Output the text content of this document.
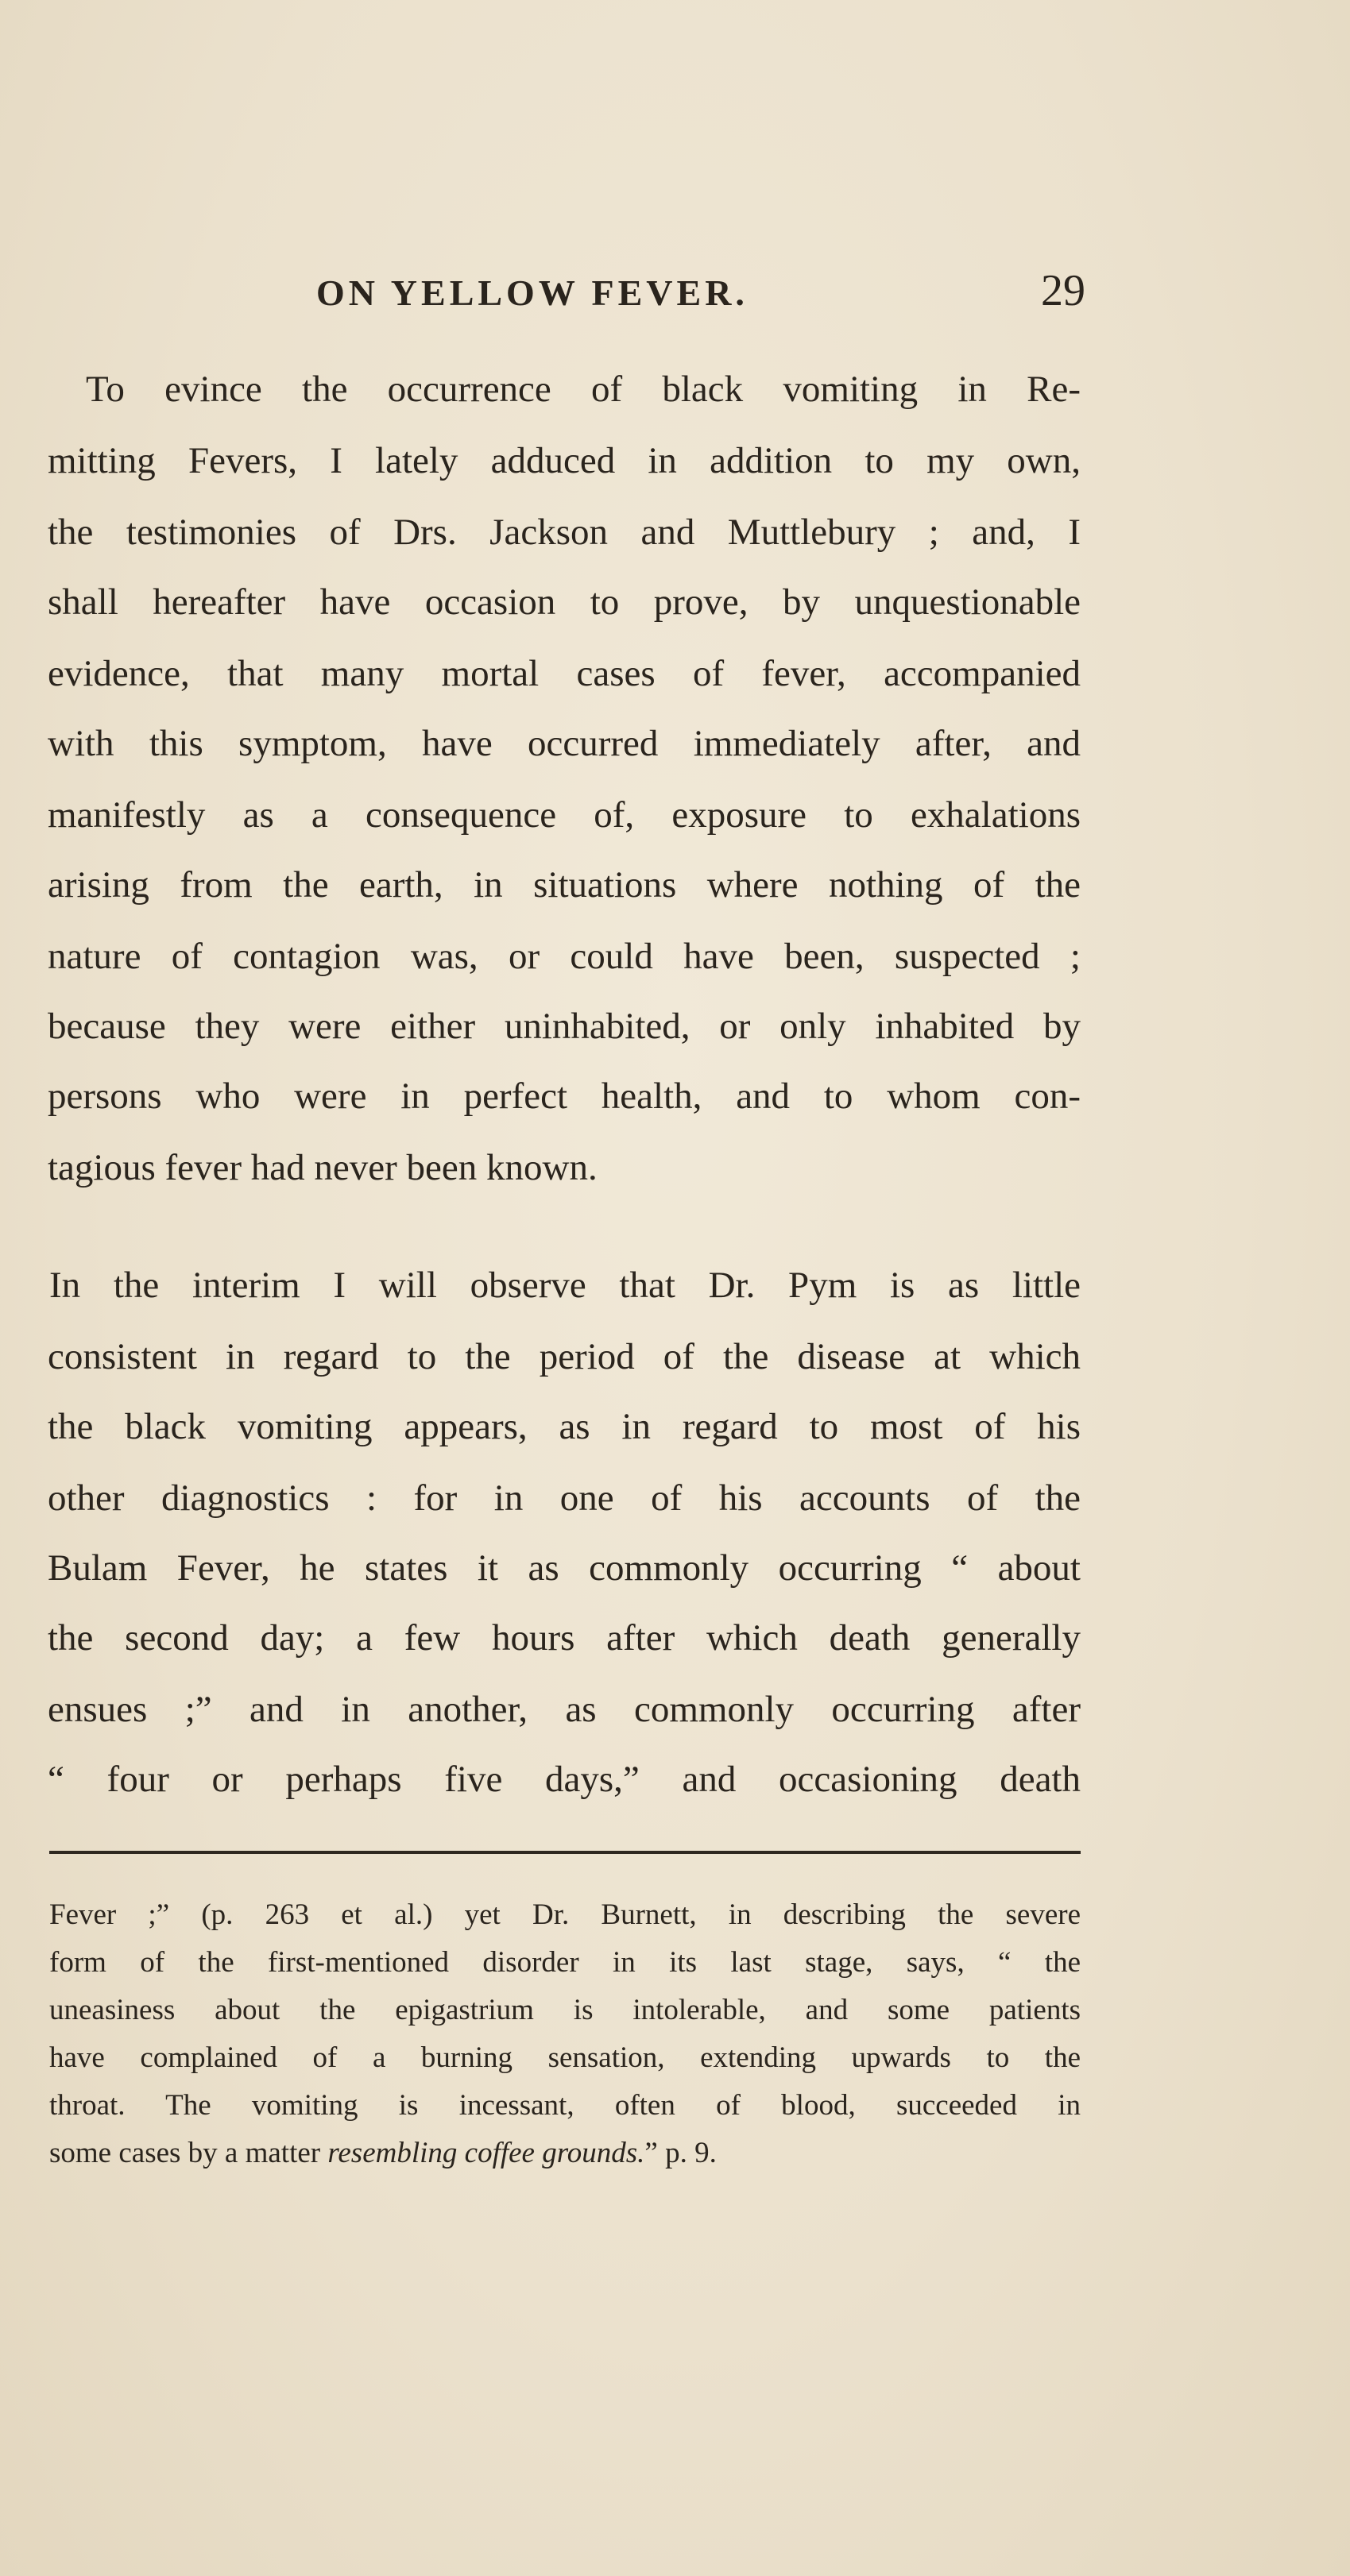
ON YELLOW FEVER.	29
To evince the occurrence of black vomiting in Re-
mitting Fevers, I lately adduced in addition to my own,
the testimonies of Drs. Jackson and Muttlebury ; and, I
shall hereafter have occasion to prove, by unquestionable
evidence, that many mortal cases of fever, accompanied
with this symptom, have occurred immediately after, and
manifestly as a consequence of, exposure to exhalations
arising from the earth, in situations where nothing of the
nature of contagion was, or could have been, suspected ;
because they were either uninhabited, or only inhabited by
persons who were in perfect health, and to whom con-
tagious fever had never been known.
In the interim I will observe that Dr. Pym is as little
consistent in regard to the period of the disease at which
the black vomiting appears, as in regard to most of his
other diagnostics : for in one of his accounts of the
Bulam Fever, he states it as commonly occurring “ about
the second day; a few hours after which death generally
ensues ;” and in another, as commonly occurring after
“ four or perhaps five days,” and occasioning death
Fever ;” (p. 263 et al.) yet Dr. Burnett, in describing the severe
form of the first-mentioned disorder in its last stage, says, “ the
uneasiness about the epigastrium is intolerable, and some patients
have complained of a burning sensation, extending upwards to the
throat. The vomiting is incessant, often of blood, succeeded in
some cases by a matter resembling coffee grounds.” p. 9.
